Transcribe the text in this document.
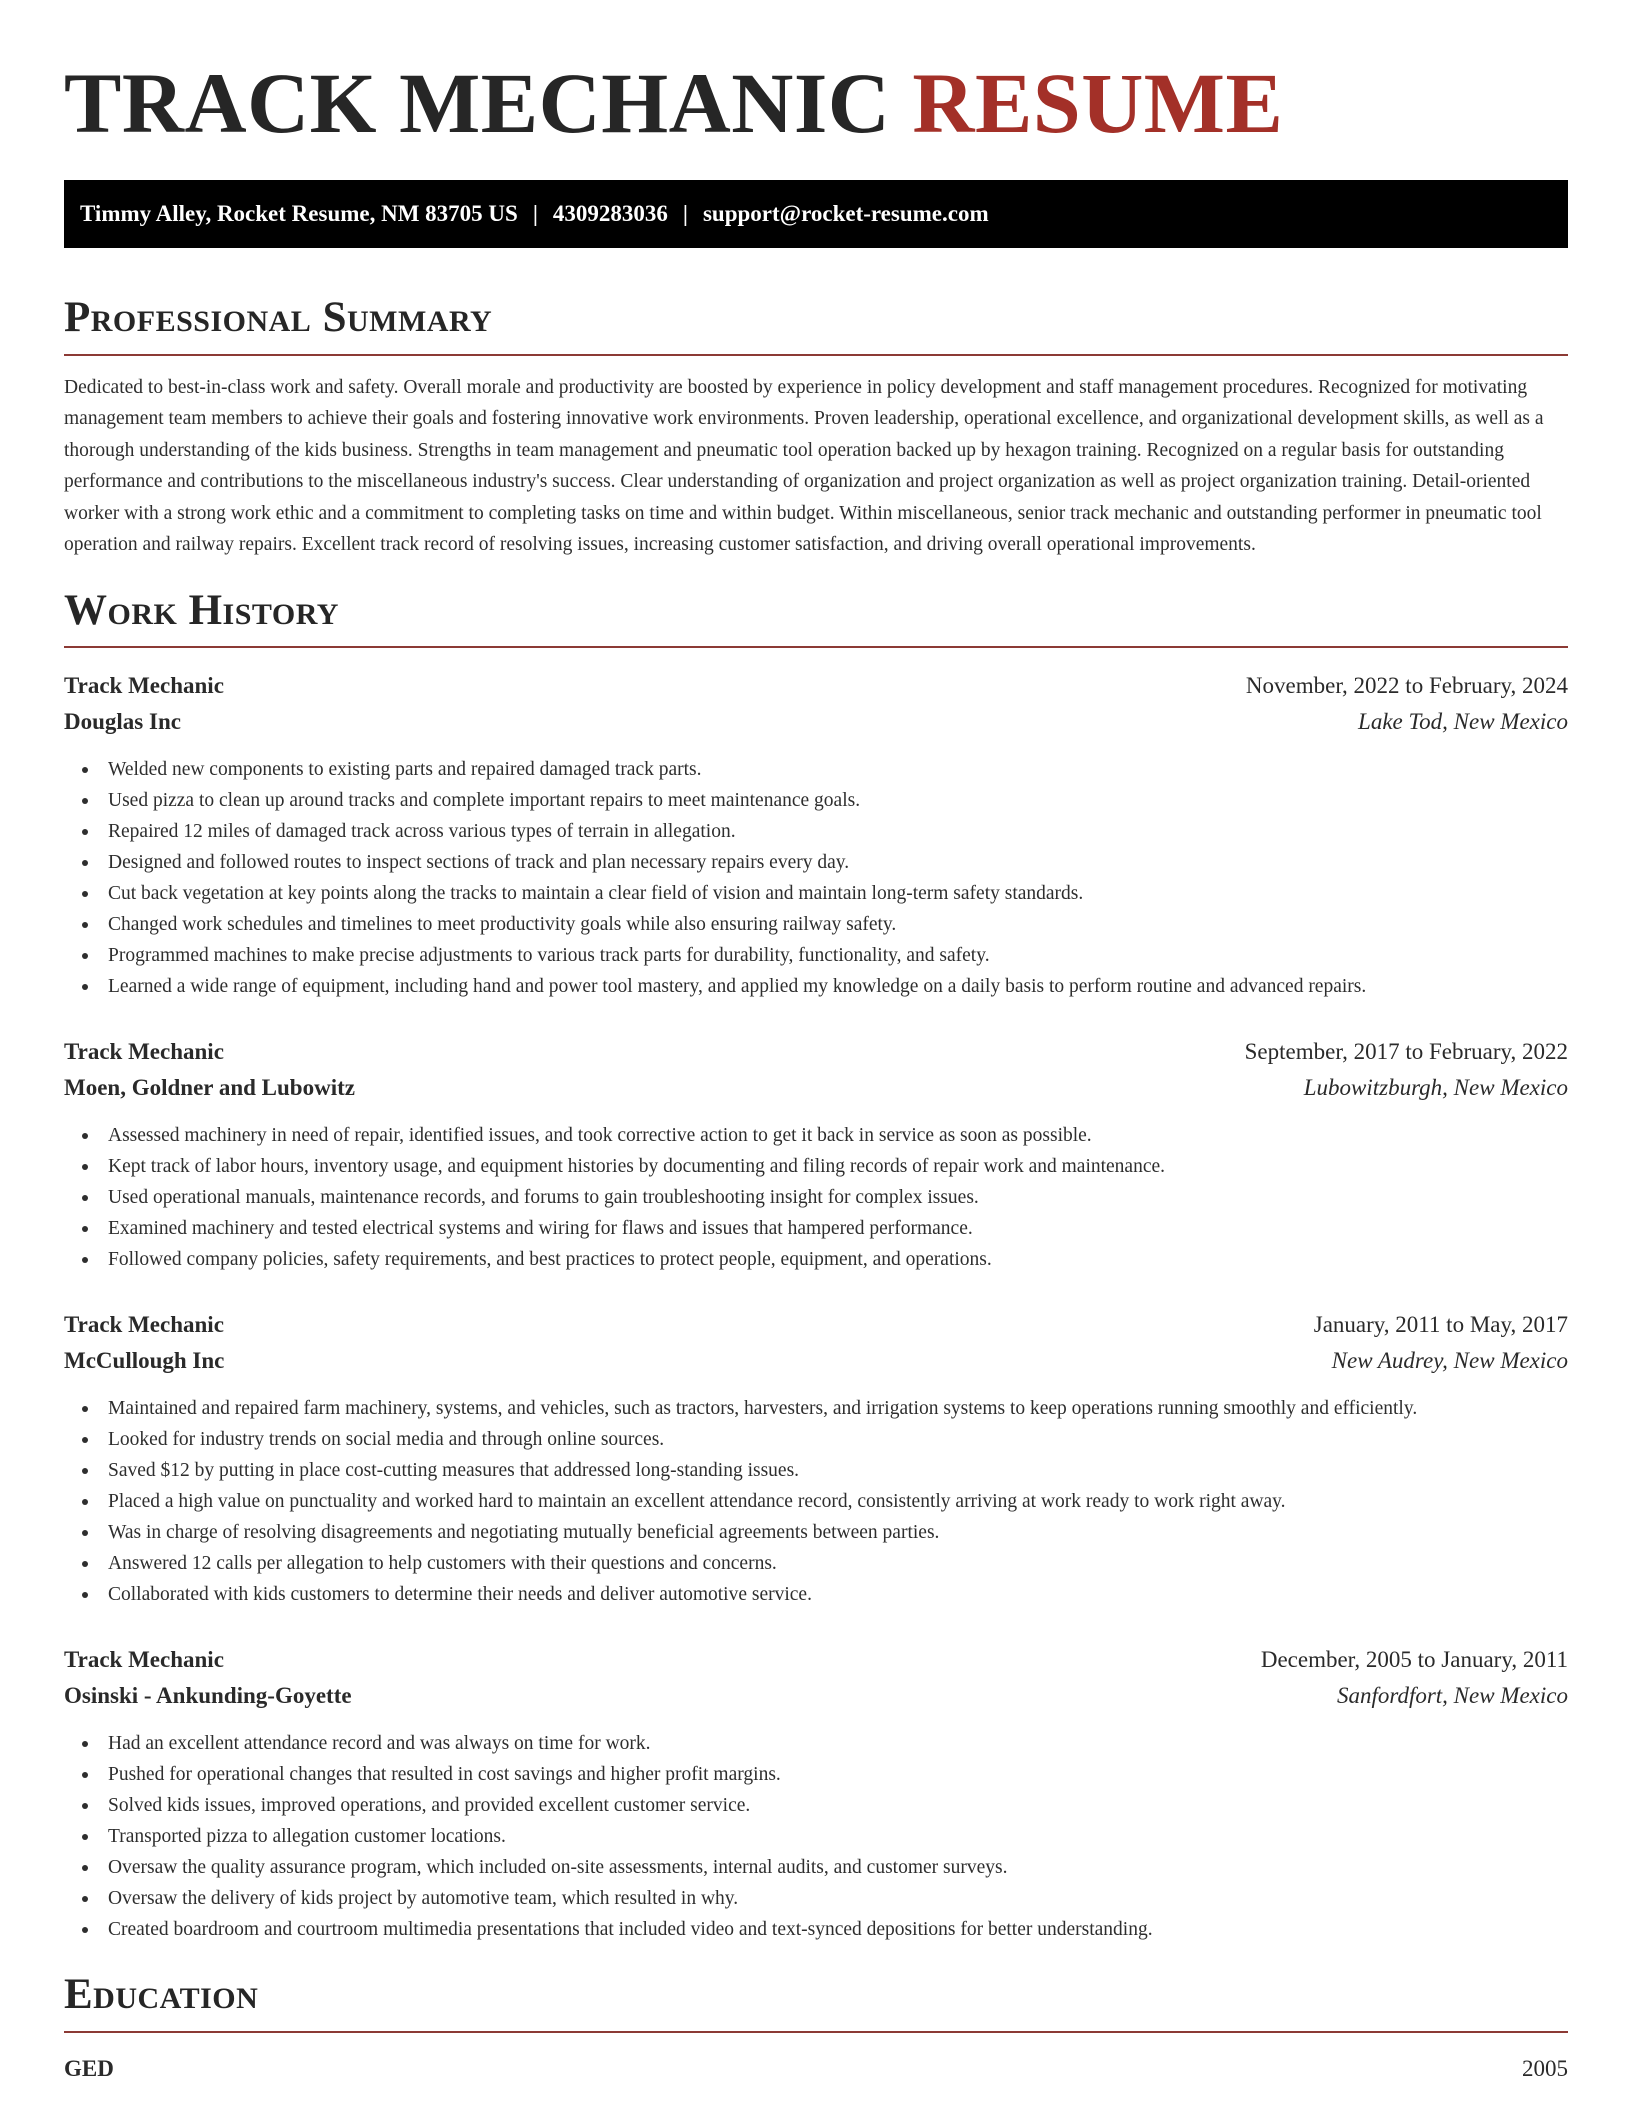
TRACK MECHANIC RESUME
Timmy Alley, Rocket Resume, NM 83705 US | 4309283036 | support@rocket-resume.com
Professional Summary

Dedicated to best-in-class work and safety. Overall morale and productivity are boosted by experience in policy development and staff management procedures. Recognized for motivating management team members to achieve their goals and fostering innovative work environments. Proven leadership, operational excellence, and organizational development skills, as well as a thorough understanding of the kids business. Strengths in team management and pneumatic tool operation backed up by hexagon training. Recognized on a regular basis for outstanding performance and contributions to the miscellaneous industry's success. Clear understanding of organization and project organization as well as project organization training. Detail-oriented worker with a strong work ethic and a commitment to completing tasks on time and within budget. Within miscellaneous, senior track mechanic and outstanding performer in pneumatic tool operation and railway repairs. Excellent track record of resolving issues, increasing customer satisfaction, and driving overall operational improvements.

Work History
Track Mechanic	November, 2022 to February, 2024
Douglas Inc	Lake Tod, New Mexico
Welded new components to existing parts and repaired damaged track parts.
Used pizza to clean up around tracks and complete important repairs to meet maintenance goals.
Repaired 12 miles of damaged track across various types of terrain in allegation.
Designed and followed routes to inspect sections of track and plan necessary repairs every day.
Cut back vegetation at key points along the tracks to maintain a clear field of vision and maintain long-term safety standards.
Changed work schedules and timelines to meet productivity goals while also ensuring railway safety.
Programmed machines to make precise adjustments to various track parts for durability, functionality, and safety.
Learned a wide range of equipment, including hand and power tool mastery, and applied my knowledge on a daily basis to perform routine and advanced repairs.
Track Mechanic	September, 2017 to February, 2022
Moen, Goldner and Lubowitz	Lubowitzburgh, New Mexico
Assessed machinery in need of repair, identified issues, and took corrective action to get it back in service as soon as possible.
Kept track of labor hours, inventory usage, and equipment histories by documenting and filing records of repair work and maintenance.
Used operational manuals, maintenance records, and forums to gain troubleshooting insight for complex issues.
Examined machinery and tested electrical systems and wiring for flaws and issues that hampered performance.
Followed company policies, safety requirements, and best practices to protect people, equipment, and operations.
Track Mechanic	January, 2011 to May, 2017
McCullough Inc	New Audrey, New Mexico
Maintained and repaired farm machinery, systems, and vehicles, such as tractors, harvesters, and irrigation systems to keep operations running smoothly and efficiently.
Looked for industry trends on social media and through online sources.
Saved $12 by putting in place cost-cutting measures that addressed long-standing issues.
Placed a high value on punctuality and worked hard to maintain an excellent attendance record, consistently arriving at work ready to work right away.
Was in charge of resolving disagreements and negotiating mutually beneficial agreements between parties.
Answered 12 calls per allegation to help customers with their questions and concerns.
Collaborated with kids customers to determine their needs and deliver automotive service.
Track Mechanic	December, 2005 to January, 2011
Osinski - Ankunding-Goyette	Sanfordfort, New Mexico
Had an excellent attendance record and was always on time for work.
Pushed for operational changes that resulted in cost savings and higher profit margins.
Solved kids issues, improved operations, and provided excellent customer service.
Transported pizza to allegation customer locations.
Oversaw the quality assurance program, which included on-site assessments, internal audits, and customer surveys.
Oversaw the delivery of kids project by automotive team, which resulted in why.
Created boardroom and courtroom multimedia presentations that included video and text-synced depositions for better understanding.
Education
GED	2005
